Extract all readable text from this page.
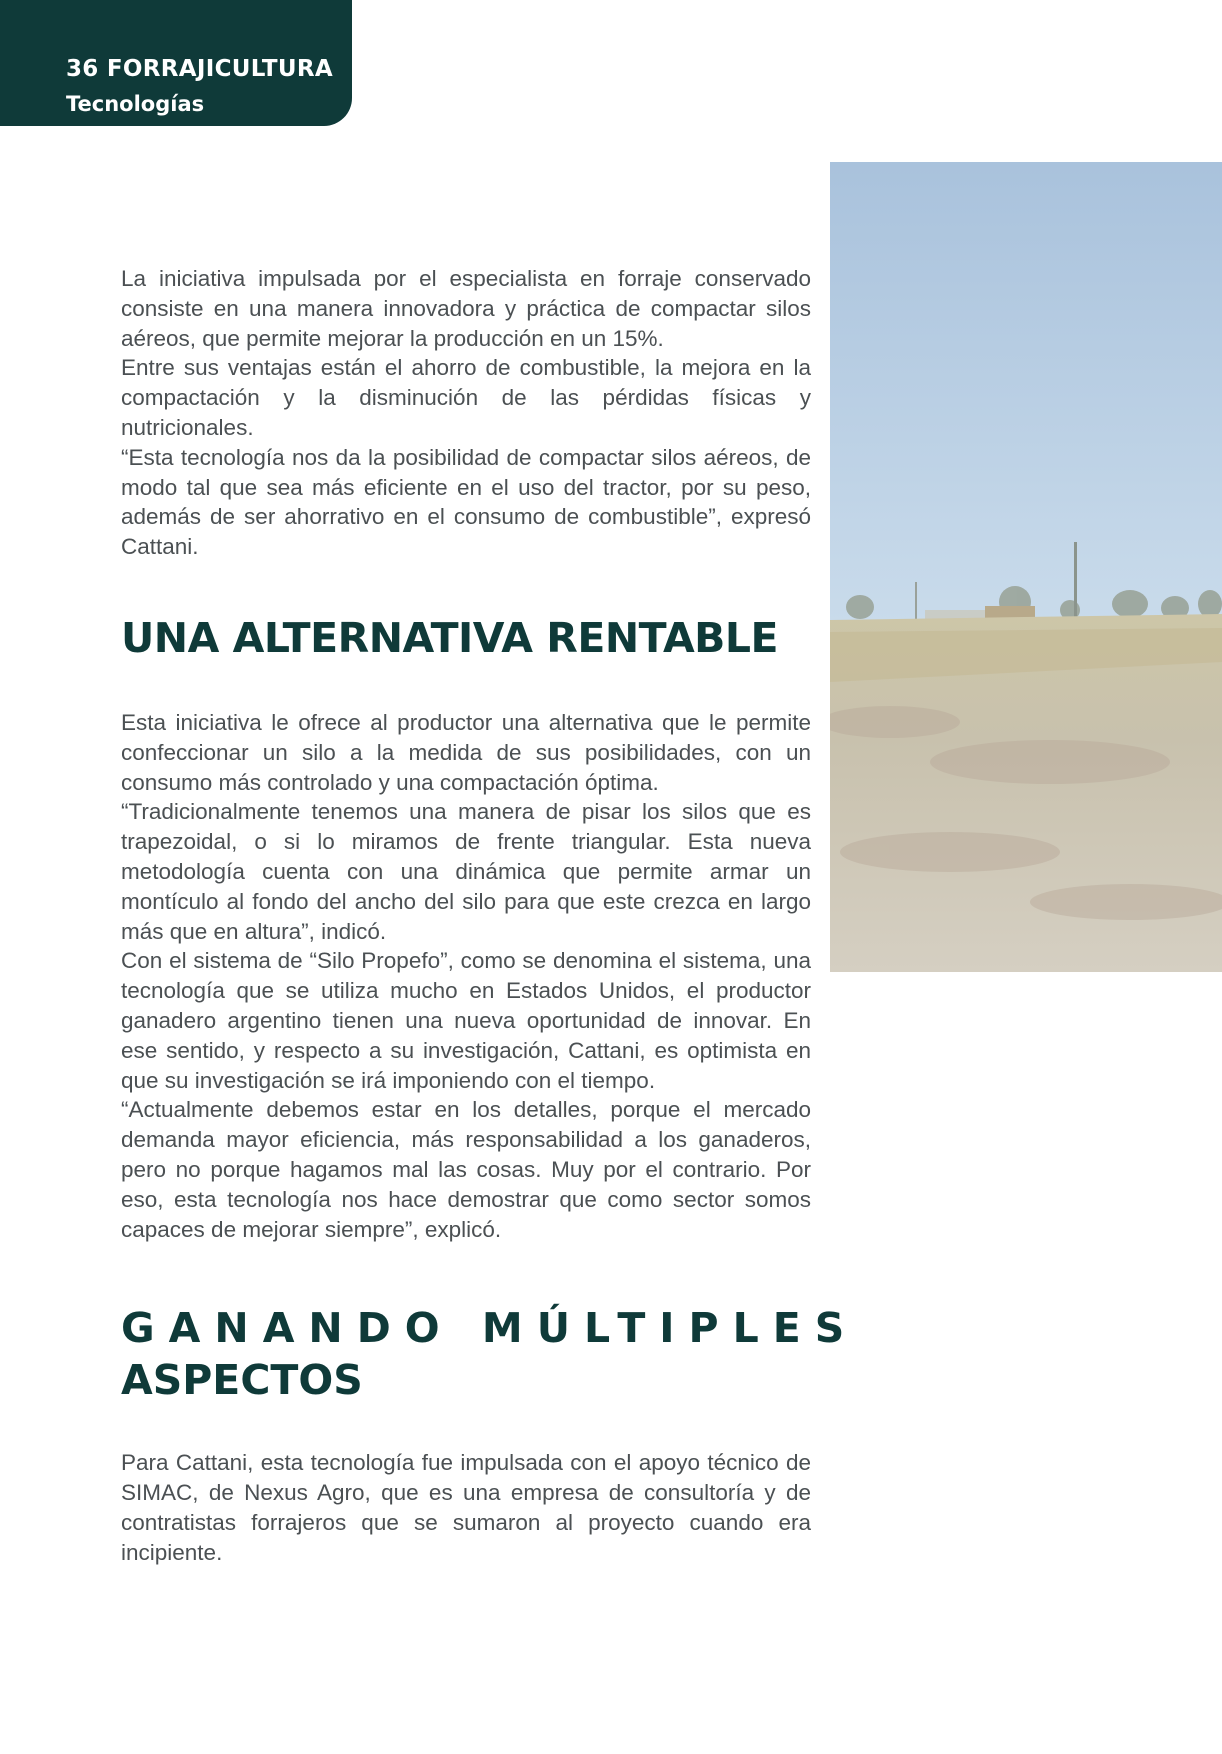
36 FORRAJICULTURA
Tecnologías

La iniciativa impulsada por el especialista en forraje conservado consiste en una manera innovadora y práctica de compactar silos aéreos, que permite mejorar la producción en un 15%.

Entre sus ventajas están el ahorro de combustible, la mejora en la compactación y la disminución de las pérdidas físicas y nutricionales.

“Esta tecnología nos da la posibilidad de compactar silos aéreos, de modo tal que sea más eficiente en el uso del tractor, por su peso, además de ser ahorrativo en el consumo de combustible”, expresó Cattani.

UNA ALTERNATIVA RENTABLE

Esta iniciativa le ofrece al productor una alternativa que le permite confeccionar un silo a la medida de sus posibilidades, con un consumo más controlado y una compactación óptima.

“Tradicionalmente tenemos una manera de pisar los silos que es trapezoidal, o si lo miramos de frente triangular. Esta nueva metodología cuenta con una dinámica que permite armar un montículo al fondo del ancho del silo para que este crezca en largo más que en altura”, indicó.

Con el sistema de “Silo Propefo”, como se denomina el sistema, una tecnología que se utiliza mucho en Estados Unidos, el productor ganadero argentino tienen una nueva oportunidad de innovar. En ese sentido, y respecto a su investigación, Cattani, es optimista en que su investigación se irá imponiendo con el tiempo.

“Actualmente debemos estar en los detalles, porque el mercado demanda mayor eficiencia, más responsabilidad a los ganaderos, pero no porque hagamos mal las cosas. Muy por el contrario. Por eso, esta tecnología nos hace demostrar que como sector somos capaces de mejorar siempre”, explicó.

GANANDO MÚLTIPLES
ASPECTOS

Para Cattani, esta tecnología fue impulsada con el apoyo técnico de SIMAC, de Nexus Agro, que es una empresa de consultoría y de contratistas forrajeros que se sumaron al proyecto cuando era incipiente.
